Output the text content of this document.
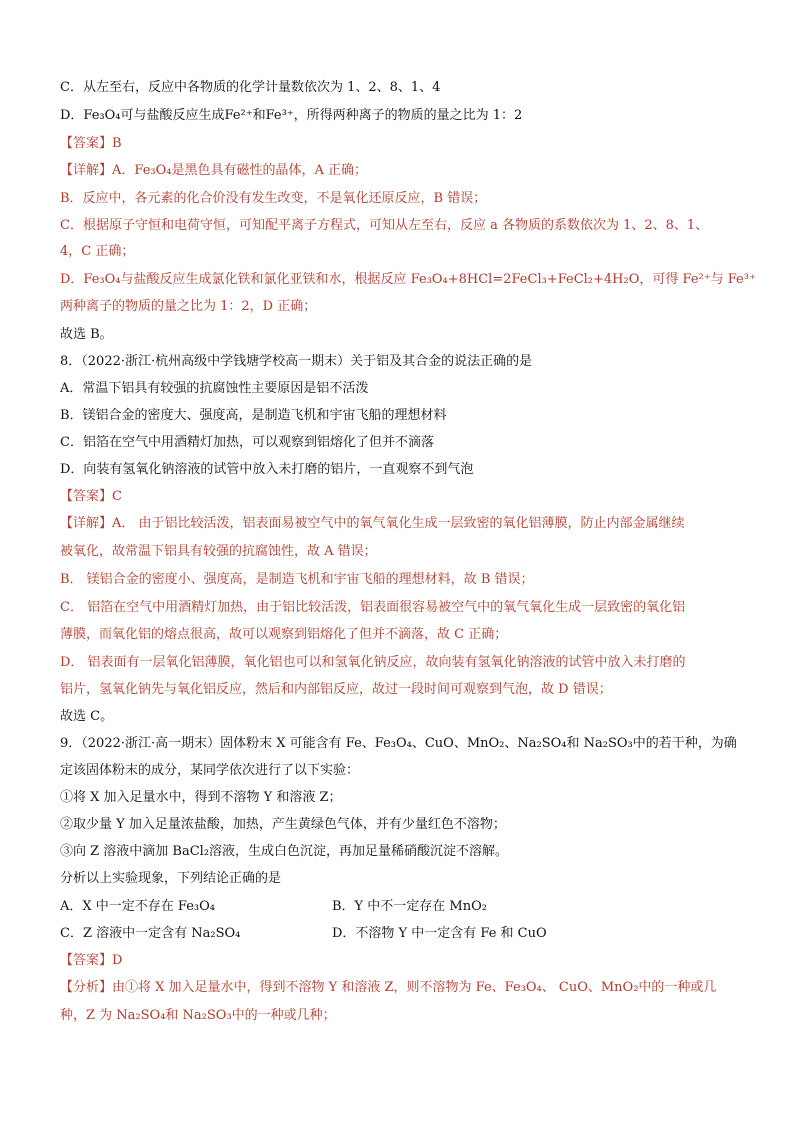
C．从左至右，反应中各物质的化学计量数依次为 1、2、8、1、4
D．Fe₃O₄可与盐酸反应生成Fe²⁺和Fe³⁺，所得两种离子的物质的量之比为 1：2
【答案】B
【详解】A．Fe₃O₄是黑色具有磁性的晶体，A 正确；
B．反应中，各元素的化合价没有发生改变，不是氧化还原反应，B 错误；
C．根据原子守恒和电荷守恒，可知配平离子方程式，可知从左至右，反应 a 各物质的系数依次为 1、2、8、1、
4，C 正确；
D．Fe₃O₄与盐酸反应生成氯化铁和氯化亚铁和水，根据反应 Fe₃O₄+8HCl=2FeCl₃+FeCl₂+4H₂O，可得 Fe²⁺与 Fe³⁺
两种离子的物质的量之比为 1：2，D 正确；
故选 B。
8．（2022·浙江·杭州高级中学钱塘学校高一期末）关于铝及其合金的说法正确的是
A．常温下铝具有较强的抗腐蚀性主要原因是铝不活泼
B．镁铝合金的密度大、强度高，是制造飞机和宇宙飞船的理想材料
C．铝箔在空气中用酒精灯加热，可以观察到铝熔化了但并不滴落
D．向装有氢氧化钠溶液的试管中放入未打磨的铝片，一直观察不到气泡
【答案】C
【详解】A． 由于铝比较活泼，铝表面易被空气中的氧气氧化生成一层致密的氧化铝薄膜，防止内部金属继续
被氧化，故常温下铝具有较强的抗腐蚀性，故 A 错误；
B． 镁铝合金的密度小、强度高，是制造飞机和宇宙飞船的理想材料，故 B 错误；
C． 铝箔在空气中用酒精灯加热，由于铝比较活泼，铝表面很容易被空气中的氧气氧化生成一层致密的氧化铝
薄膜，而氧化铝的熔点很高，故可以观察到铝熔化了但并不滴落，故 C 正确；
D． 铝表面有一层氧化铝薄膜，氧化铝也可以和氢氧化钠反应，故向装有氢氧化钠溶液的试管中放入未打磨的
铝片，氢氧化钠先与氧化铝反应，然后和内部铝反应，故过一段时间可观察到气泡，故 D 错误；
故选 C。
9．（2022·浙江·高一期末）固体粉末 X 可能含有 Fe、Fe₃O₄、CuO、MnO₂、Na₂SO₄和 Na₂SO₃中的若干种，为确
定该固体粉末的成分，某同学依次进行了以下实验：
①将 X 加入足量水中，得到不溶物 Y 和溶液 Z；
②取少量 Y 加入足量浓盐酸，加热，产生黄绿色气体，并有少量红色不溶物；
③向 Z 溶液中滴加 BaCl₂溶液，生成白色沉淀，再加足量稀硝酸沉淀不溶解。
分析以上实验现象，下列结论正确的是
A．X 中一定不存在 Fe₃O₄	B．Y 中不一定存在 MnO₂
C．Z 溶液中一定含有 Na₂SO₄	D．不溶物 Y 中一定含有 Fe 和 CuO
【答案】D
【分析】由①将 X 加入足量水中，得到不溶物 Y 和溶液 Z，则不溶物为 Fe、Fe₃O₄、 CuO、MnO₂中的一种或几
种，Z 为 Na₂SO₄和 Na₂SO₃中的一种或几种；
